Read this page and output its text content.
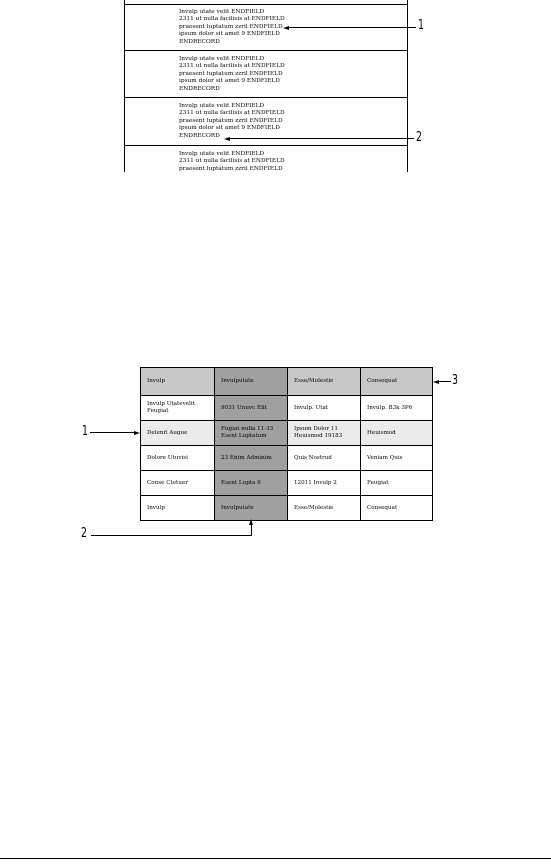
Invulp utate velit ENDFIELD
2311 ut nulla facilisis at ENDFIELD
praesent luptatum zzril ENDFIELD
ipsum dolor sit amet 9 ENDFIELD
ENDRECORD
Invulp utate velit ENDFIELD
2311 ut nulla facilisis at ENDFIELD
praesent luptatum zzril ENDFIELD
ipsum dolor sit amet 9 ENDFIELD
ENDRECORD
Invulp utate velit ENDFIELD
2311 ut nulla facilisis at ENDFIELD
praesent luptatum zzril ENDFIELD
ipsum dolor sit amet 9 ENDFIELD
ENDRECORD
Invulp utate velit ENDFIELD
2311 ut nulla facilisis at ENDFIELD
praesent luptatum zzril ENDFIELD
1
2
Invulp	Invulputate	Esse/Molestie	Consequat
Invulp Utatevelit Feugiat	9031 Unuvc Elit	Invulp. Utat	Invulp. B3k 3P6
Delenit Augue	Fugiat nulla 11-33 Esent Luptatum	Ipsum Dolor 11 Heuismod 19183	Heuismod
Dolore Utuvisi	23 Enim Adminim	Quis Nostrud	Veniam Quis
Conse Ctetuer	Esent Lupta 9	12011 Invulp 2	Feugiat
Invulp	Invulputate	Esse/Molestie	Consequat
3
1
2
